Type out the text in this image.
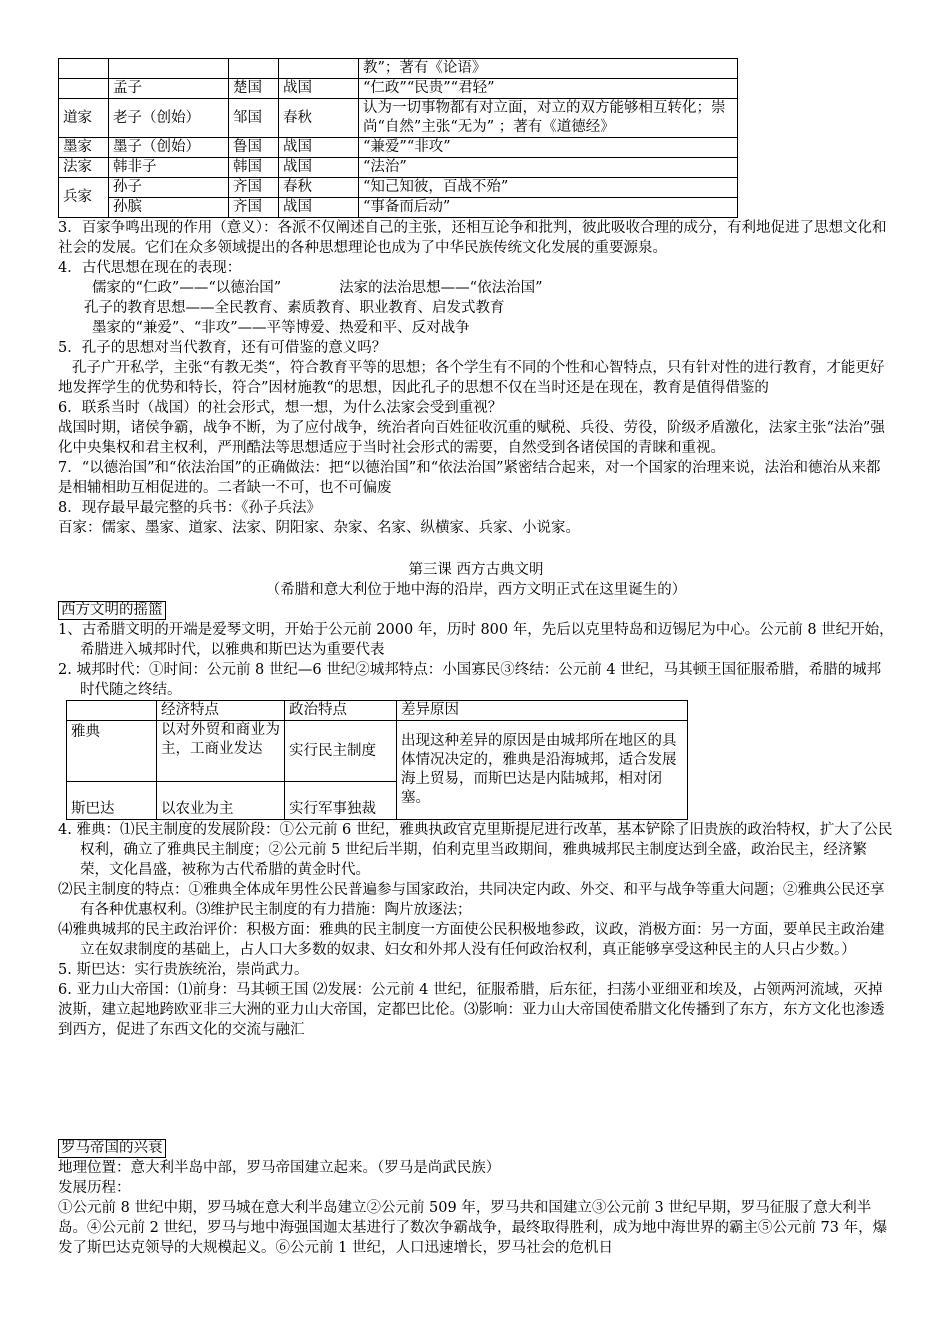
				教”；著有《论语》
	孟子	楚国	战国	“仁政”“民贵”“君轻”
道家	老子（创始）	邹国	春秋	认为一切事物都有对立面，对立的双方能够相互转化；崇尚“自然”主张“无为” ；著有《道德经》
墨家	墨子（创始）	鲁国	战国	“兼爱”“非攻”
法家	韩非子	韩国	战国	“法治”
兵家	孙子	齐国	春秋	“知己知彼，百战不殆”
	孙膑	齐国	战国	“事备而后动”

3．百家争鸣出现的作用（意义）：各派不仅阐述自己的主张，还相互论争和批判，彼此吸收合理的成分，有利地促进了思想文化和社会的发展。它们在众多领域提出的各种思想理论也成为了中华民族传统文化发展的重要源泉。

4．古代思想在现在的表现：

儒家的“仁政”——“以德治国”	法家的法治思想——“依法治国”

孔子的教育思想——全民教育、素质教育、职业教育、启发式教育

墨家的“兼爱”、“非攻”——平等博爱、热爱和平、反对战争

5．孔子的思想对当代教育，还有可借鉴的意义吗？

孔子广开私学，主张“有教无类“，符合教育平等的思想；各个学生有不同的个性和心智特点，只有针对性的进行教育，才能更好地发挥学生的优势和特长，符合”因材施教“的思想，因此孔子的思想不仅在当时还是在现在，教育是值得借鉴的

6．联系当时（战国）的社会形式，想一想，为什么法家会受到重视？

战国时期，诸侯争霸，战争不断，为了应付战争，统治者向百姓征收沉重的赋税、兵役、劳役，阶级矛盾激化，法家主张“法治”强化中央集权和君主权利，严刑酷法等思想适应于当时社会形式的需要，自然受到各诸侯国的青睐和重视。

7．“以德治国”和“依法治国”的正确做法：把“以德治国”和“依法治国”紧密结合起来，对一个国家的治理来说，法治和德治从来都是相辅相助互相促进的。二者缺一不可，也不可偏废

8．现存最早最完整的兵书：《孙子兵法》

百家：儒家、墨家、道家、法家、阴阳家、杂家、名家、纵横家、兵家、小说家。

第三课 西方古典文明

（希腊和意大利位于地中海的沿岸，西方文明正式在这里诞生的）

西方文明的摇篮

1、古希腊文明的开端是爱琴文明，开始于公元前 2000 年，历时 800 年，先后以克里特岛和迈锡尼为中心。公元前 8 世纪开始，希腊进入城邦时代，以雅典和斯巴达为重要代表

2. 城邦时代：①时间：公元前 8 世纪—6 世纪②城邦特点：小国寡民③终结：公元前 4 世纪，马其顿王国征服希腊，希腊的城邦时代随之终结。

	经济特点	政治特点	差异原因
雅典	以对外贸和商业为主，工商业发达	实行民主制度	出现这种差异的原因是由城邦所在地区的具体情况决定的，雅典是沿海城邦，适合发展海上贸易，而斯巴达是内陆城邦，相对闭塞。
斯巴达	以农业为主	实行军事独裁	

4. 雅典：⑴民主制度的发展阶段：①公元前 6 世纪，雅典执政官克里斯提尼进行改革，基本铲除了旧贵族的政治特权，扩大了公民权利，确立了雅典民主制度；②公元前 5 世纪后半期，伯利克里当政期间，雅典城邦民主制度达到全盛，政治民主，经济繁荣，文化昌盛，被称为古代希腊的黄金时代。

⑵民主制度的特点：①雅典全体成年男性公民普遍参与国家政治，共同决定内政、外交、和平与战争等重大问题；②雅典公民还享有各种优惠权利。⑶维护民主制度的有力措施：陶片放逐法；

⑷雅典城邦的民主政治评价：积极方面：雅典的民主制度一方面使公民积极地参政，议政，消极方面：另一方面，要单民主政治建立在奴隶制度的基础上，占人口大多数的奴隶、妇女和外邦人没有任何政治权利，真正能够享受这种民主的人只占少数。）

5. 斯巴达：实行贵族统治，崇尚武力。

6. 亚力山大帝国：⑴前身：马其顿王国 ⑵发展：公元前 4 世纪，征服希腊，后东征，扫荡小亚细亚和埃及，占领两河流域，灭掉波斯，建立起地跨欧亚非三大洲的亚力山大帝国，定都巴比伦。⑶影响：亚力山大帝国使希腊文化传播到了东方，东方文化也渗透到西方，促进了东西文化的交流与融汇

罗马帝国的兴衰

地理位置：意大利半岛中部，罗马帝国建立起来。（罗马是尚武民族）

发展历程：

①公元前 8 世纪中期，罗马城在意大利半岛建立②公元前 509 年，罗马共和国建立③公元前 3 世纪早期，罗马征服了意大利半岛。④公元前 2 世纪，罗马与地中海强国迦太基进行了数次争霸战争，最终取得胜利，成为地中海世界的霸主⑤公元前 73 年，爆发了斯巴达克领导的大规模起义。⑥公元前 1 世纪，人口迅速增长，罗马社会的危机日
